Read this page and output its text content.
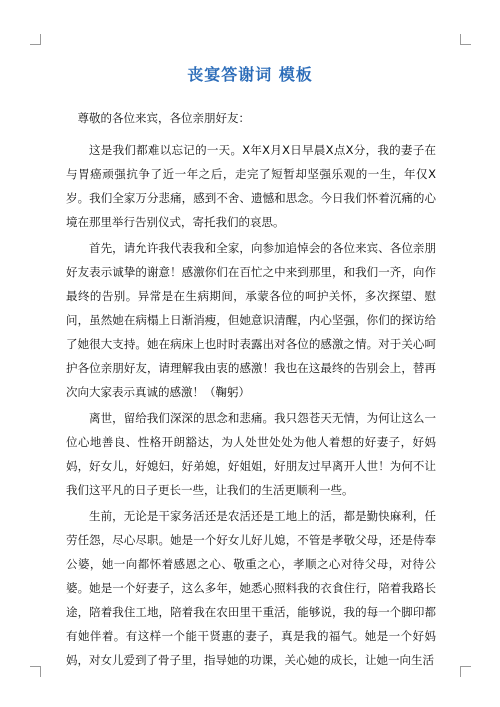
丧宴答谢词 模板

尊敬的各位来宾，各位亲朋好友：

这是我们都难以忘记的一天。X年X月X日早晨X点X分，我的妻子在与胃癌顽强抗争了近一年之后，走完了短暂却坚强乐观的一生，年仅X岁。我们全家万分悲痛，感到不舍、遗憾和思念。今日我们怀着沉痛的心境在那里举行告别仪式，寄托我们的哀思。

首先，请允许我代表我和全家，向参加追悼会的各位来宾、各位亲朋好友表示诚挚的谢意！感激你们在百忙之中来到那里，和我们一齐，向作最终的告别。异常是在生病期间，承蒙各位的呵护关怀，多次探望、慰问，虽然她在病榻上日渐消瘦，但她意识清醒，内心坚强，你们的探访给了她很大支持。她在病床上也时时表露出对各位的感激之情。对于关心呵护各位亲朋好友，请理解我由衷的感激！我也在这最终的告别会上，替再次向大家表示真诚的感激！（鞠躬）

离世，留给我们深深的思念和悲痛。我只怨苍天无情，为何让这么一位心地善良、性格开朗豁达，为人处世处处为他人着想的好妻子，好妈妈，好女儿，好媳妇，好弟媳，好姐姐，好朋友过早离开人世！为何不让我们这平凡的日子更长一些，让我们的生活更顺利一些。

生前，无论是干家务活还是农活还是工地上的活，都是勤快麻利，任劳任怨，尽心尽职。她是一个好女儿好儿媳，不管是孝敬父母，还是侍奉公婆，她一向都怀着感恩之心、敬重之心，孝顺之心对待父母，对待公婆。她是一个好妻子，这么多年，她悉心照料我的衣食住行，陪着我路长途，陪着我住工地，陪着我在农田里干重活，能够说，我的每一个脚印都有她伴着。有这样一个能干贤惠的妻子，真是我的福气。她是一个好妈妈，对女儿爱到了骨子里，指导她的功课，关心她的成长，让她一向生活
